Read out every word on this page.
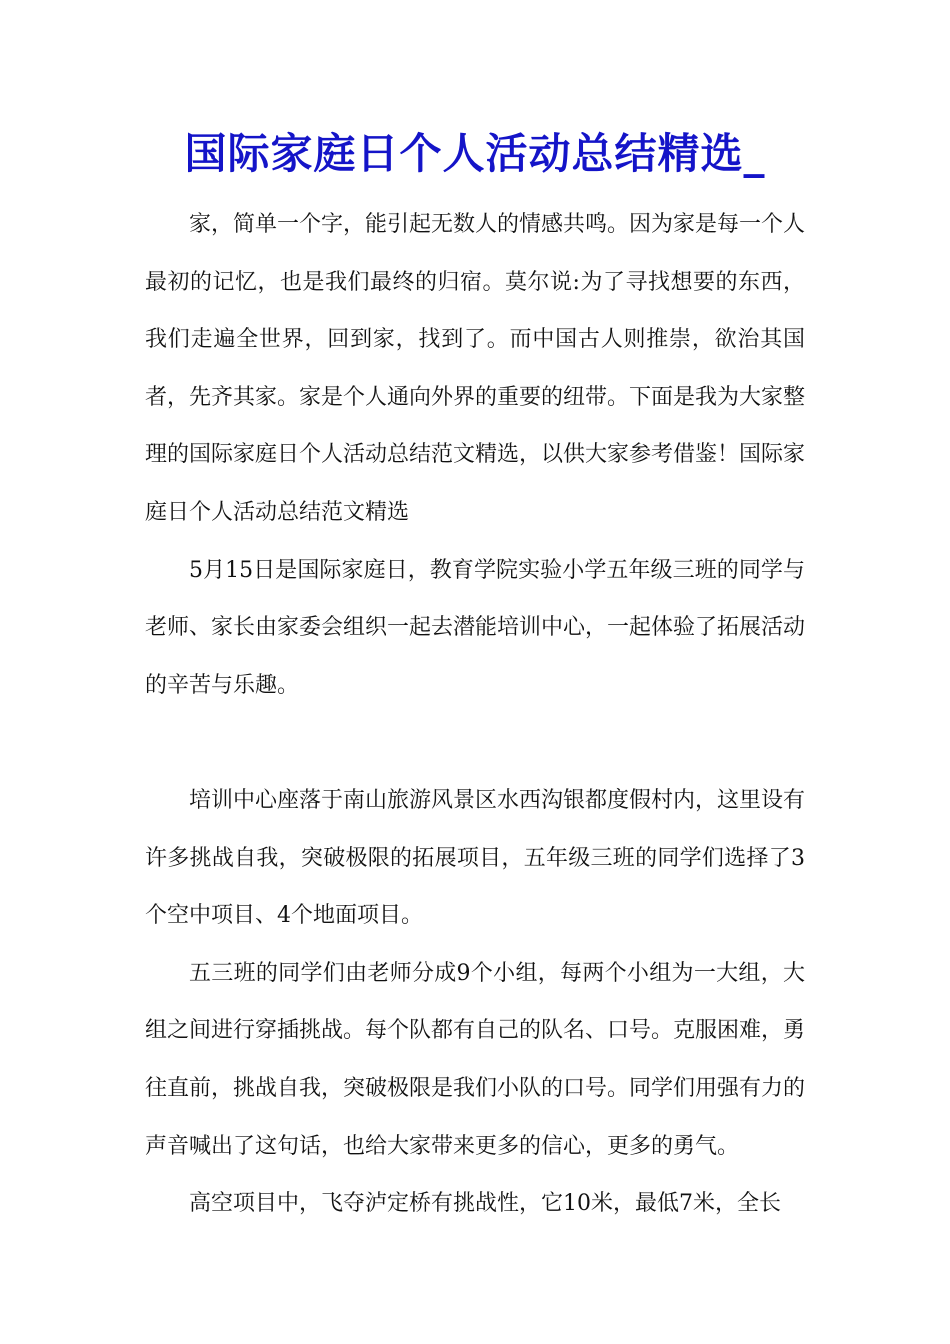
国际家庭日个人活动总结精选_

家，简单一个字，能引起无数人的情感共鸣。因为家是每一个人最初的记忆，也是我们最终的归宿。莫尔说:为了寻找想要的东西，我们走遍全世界，回到家，找到了。而中国古人则推崇，欲治其国者，先齐其家。家是个人通向外界的重要的纽带。下面是我为大家整理的国际家庭日个人活动总结范文精选，以供大家参考借鉴！国际家庭日个人活动总结范文精选

5月15日是国际家庭日，教育学院实验小学五年级三班的同学与老师、家长由家委会组织一起去潜能培训中心，一起体验了拓展活动的辛苦与乐趣。

培训中心座落于南山旅游风景区水西沟银都度假村内，这里设有许多挑战自我，突破极限的拓展项目，五年级三班的同学们选择了3个空中项目、4个地面项目。

五三班的同学们由老师分成9个小组，每两个小组为一大组，大组之间进行穿插挑战。每个队都有自己的队名、口号。克服困难，勇往直前，挑战自我，突破极限是我们小队的口号。同学们用强有力的声音喊出了这句话，也给大家带来更多的信心，更多的勇气。

高空项目中，飞夺泸定桥有挑战性，它10米，最低7米，全长
